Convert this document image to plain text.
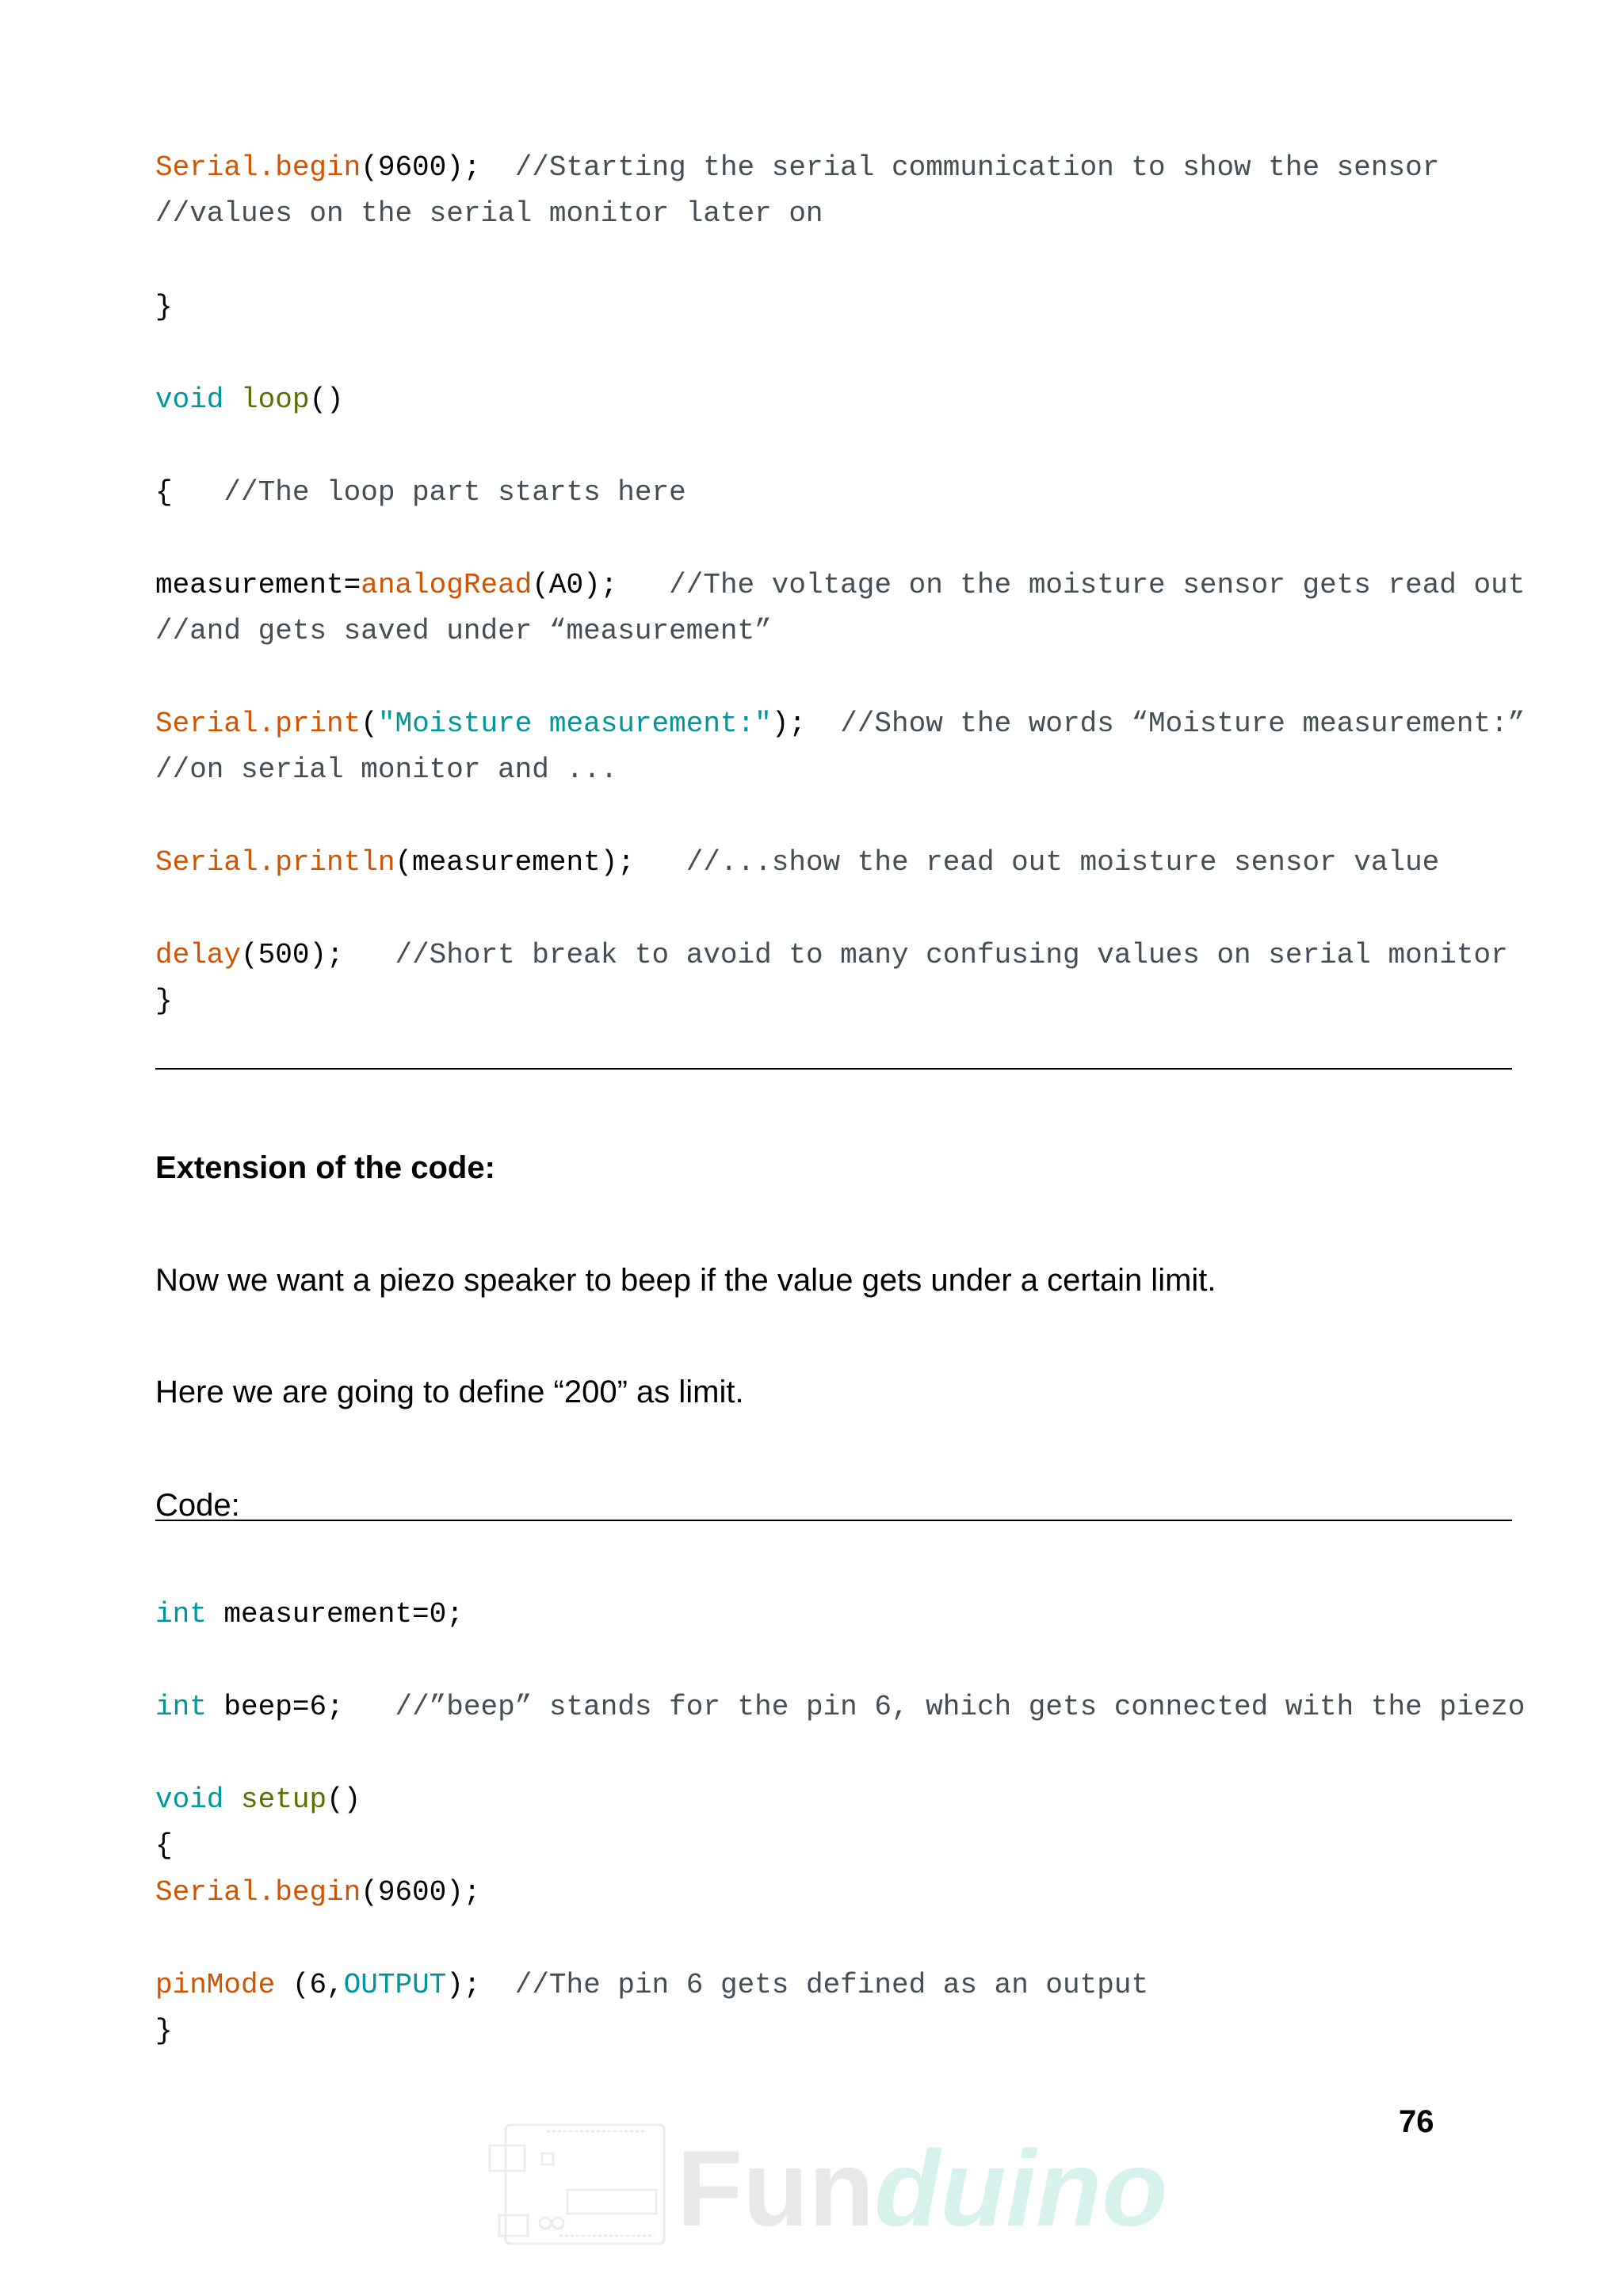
Serial.begin(9600); //Starting the serial communication to show the sensor
//values on the serial monitor later on
}
void loop()
{ //The loop part starts here
measurement=analogRead(A0); //The voltage on the moisture sensor gets read out
//and gets saved under “measurement”
Serial.print("Moisture measurement:"); //Show the words “Moisture measurement:”
//on serial monitor and ...
Serial.println(measurement); //...show the read out moisture sensor value
delay(500); //Short break to avoid to many confusing values on serial monitor
}
Extension of the code:
Now we want a piezo speaker to beep if the value gets under a certain limit.
Here we are going to define “200” as limit.
Code:
int measurement=0;
int beep=6; //”beep” stands for the pin 6, which gets connected with the piezo
void setup()
{
Serial.begin(9600);
pinMode (6,OUTPUT); //The pin 6 gets defined as an output
}
76
Funduino
